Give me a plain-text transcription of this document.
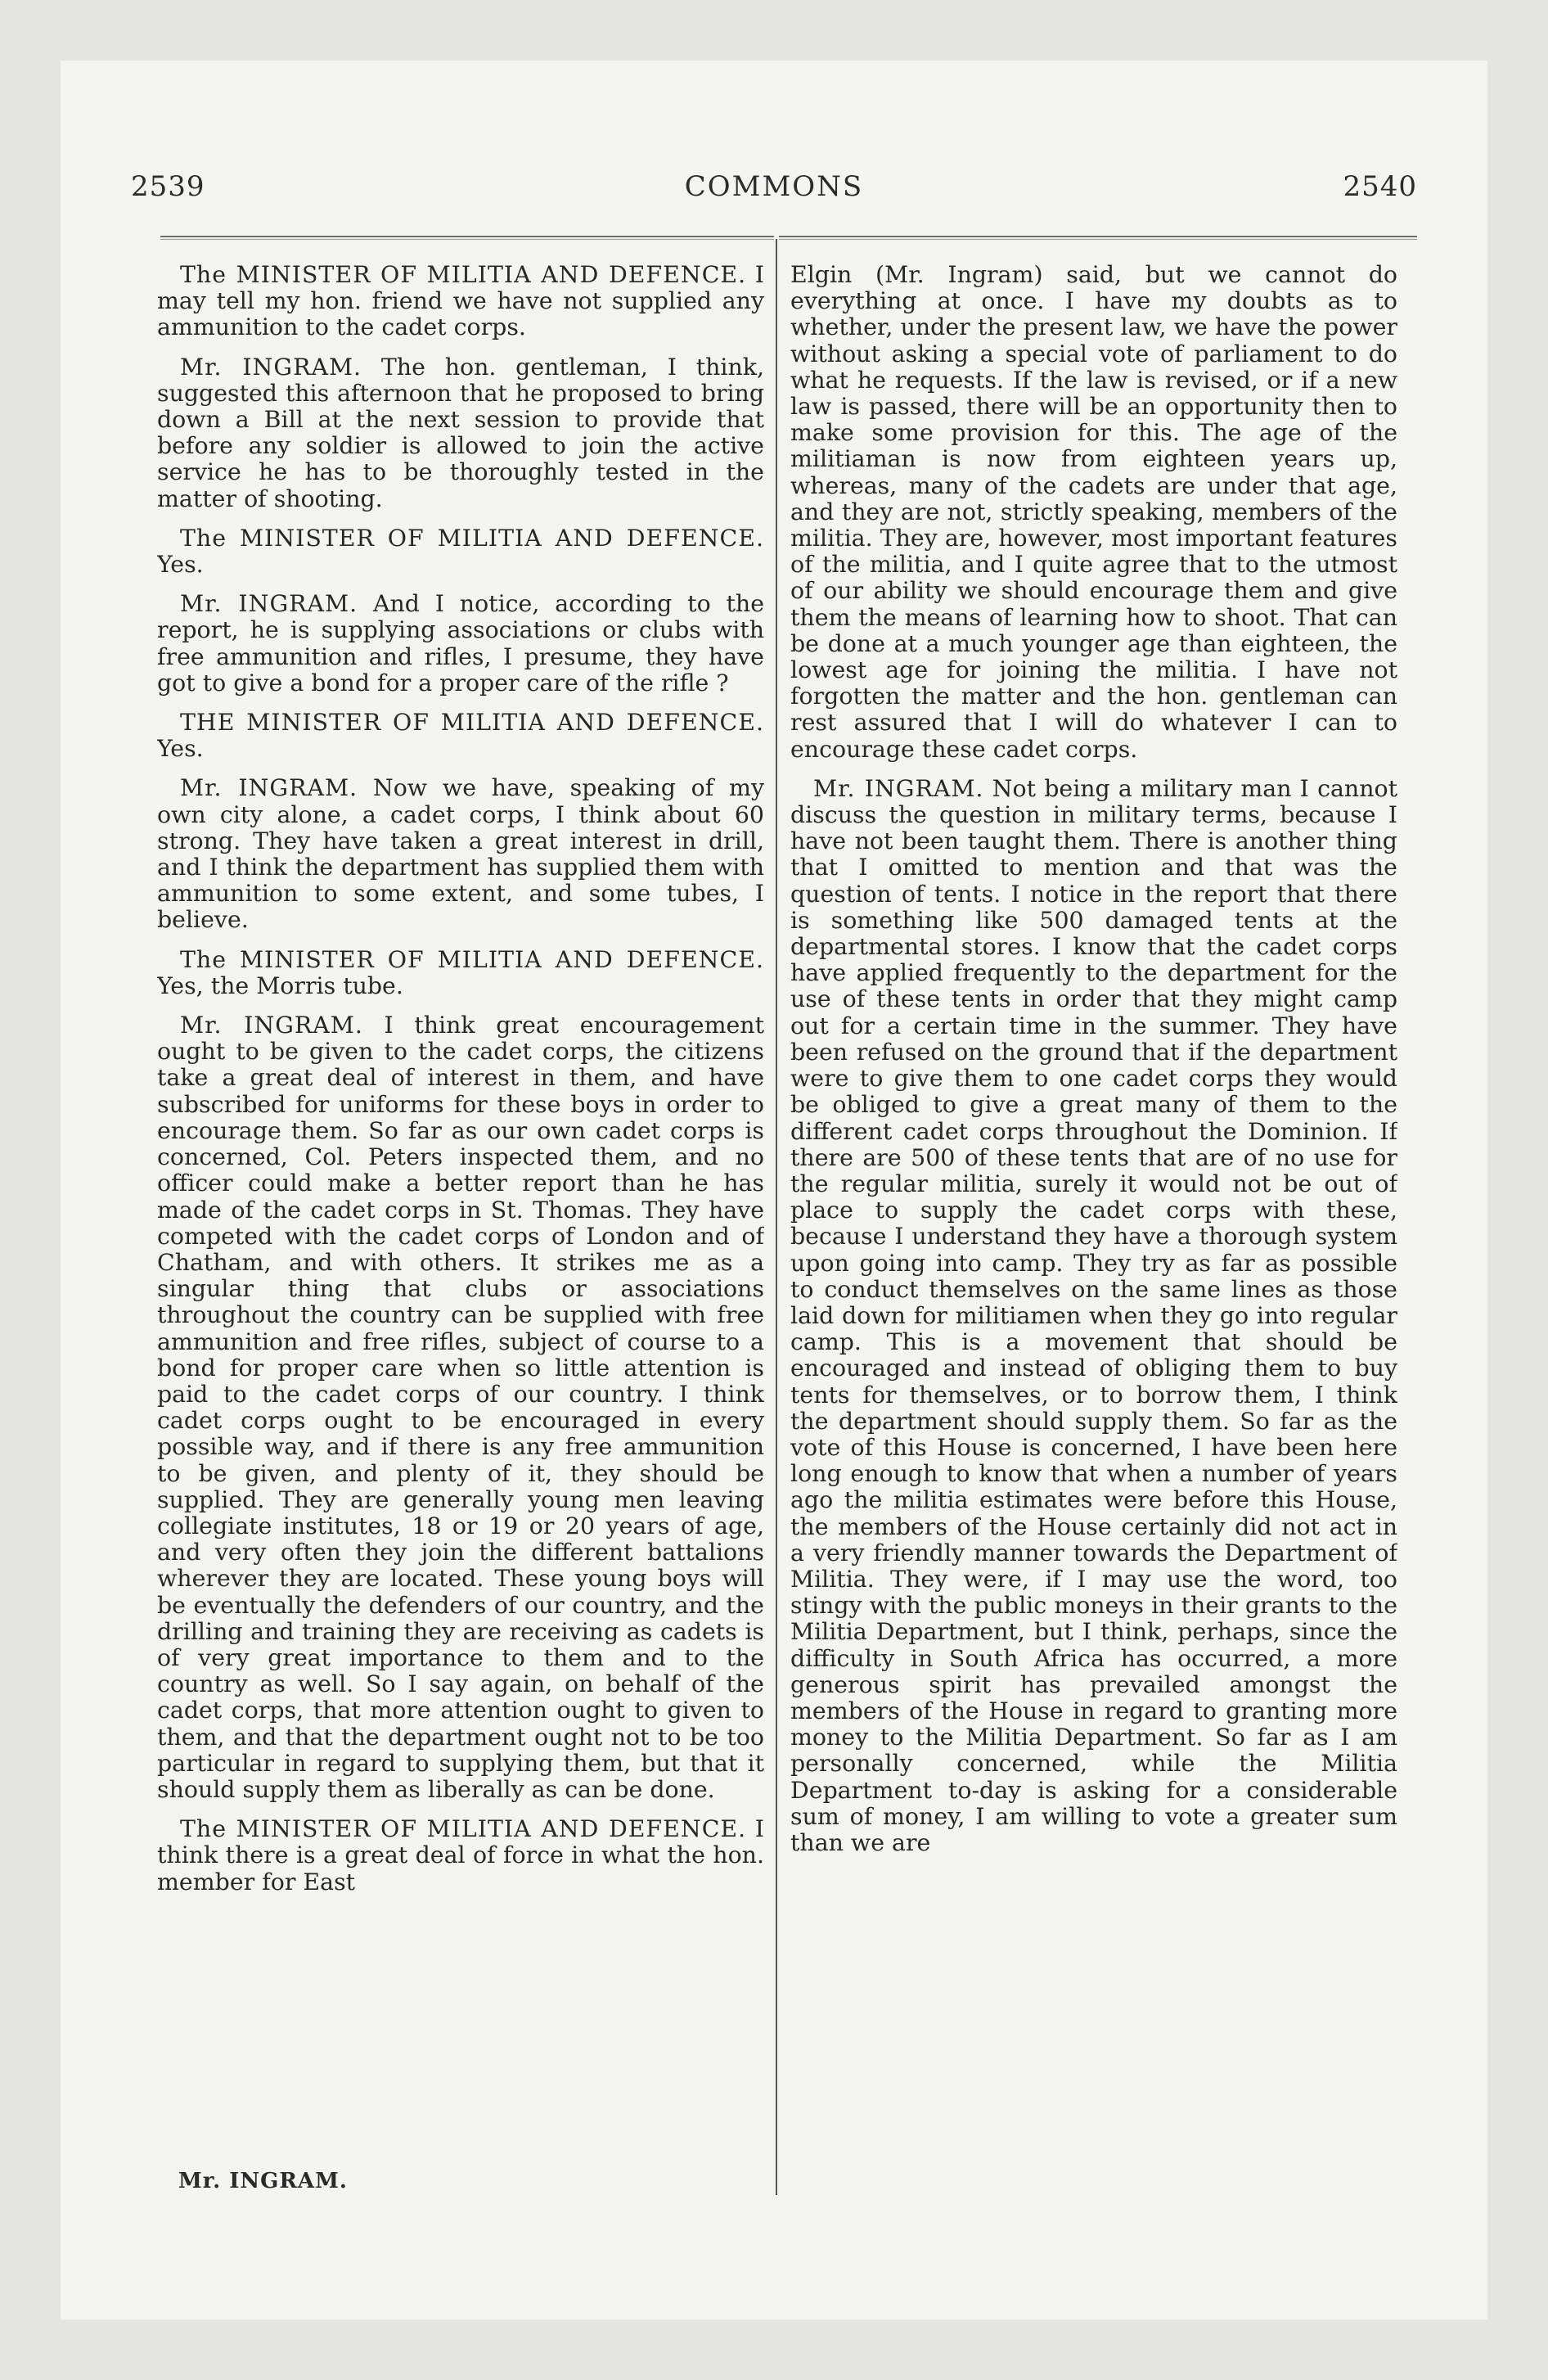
2539	COMMONS	2540

The MINISTER OF MILITIA AND DEFENCE. I may tell my hon. friend we have not supplied any ammunition to the cadet corps.

Mr. INGRAM. The hon. gentleman, I think, suggested this afternoon that he proposed to bring down a Bill at the next session to provide that before any soldier is allowed to join the active service he has to be thoroughly tested in the matter of shooting.

The MINISTER OF MILITIA AND DEFENCE. Yes.

Mr. INGRAM. And I notice, according to the report, he is supplying associations or clubs with free ammunition and rifles, I presume, they have got to give a bond for a proper care of the rifle ?

THE MINISTER OF MILITIA AND DEFENCE. Yes.

Mr. INGRAM. Now we have, speaking of my own city alone, a cadet corps, I think about 60 strong. They have taken a great interest in drill, and I think the department has supplied them with ammunition to some extent, and some tubes, I believe.

The MINISTER OF MILITIA AND DEFENCE. Yes, the Morris tube.

Mr. INGRAM. I think great encouragement ought to be given to the cadet corps, the citizens take a great deal of interest in them, and have subscribed for uniforms for these boys in order to encourage them. So far as our own cadet corps is concerned, Col. Peters inspected them, and no officer could make a better report than he has made of the cadet corps in St. Thomas. They have competed with the cadet corps of London and of Chatham, and with others. It strikes me as a singular thing that clubs or associations throughout the country can be supplied with free ammunition and free rifles, subject of course to a bond for proper care when so little attention is paid to the cadet corps of our country. I think cadet corps ought to be encouraged in every possible way, and if there is any free ammunition to be given, and plenty of it, they should be supplied. They are generally young men leaving collegiate institutes, 18 or 19 or 20 years of age, and very often they join the different battalions wherever they are located. These young boys will be eventually the defenders of our country, and the drilling and training they are receiving as cadets is of very great importance to them and to the country as well. So I say again, on behalf of the cadet corps, that more attention ought to given to them, and that the department ought not to be too particular in regard to supplying them, but that it should supply them as liberally as can be done.

The MINISTER OF MILITIA AND DEFENCE. I think there is a great deal of force in what the hon. member for East

Elgin (Mr. Ingram) said, but we cannot do everything at once. I have my doubts as to whether, under the present law, we have the power without asking a special vote of parliament to do what he requests. If the law is revised, or if a new law is passed, there will be an opportunity then to make some provision for this. The age of the militiaman is now from eighteen years up, whereas, many of the cadets are under that age, and they are not, strictly speaking, members of the militia. They are, however, most important features of the militia, and I quite agree that to the utmost of our ability we should encourage them and give them the means of learning how to shoot. That can be done at a much younger age than eighteen, the lowest age for joining the militia. I have not forgotten the matter and the hon. gentleman can rest assured that I will do whatever I can to encourage these cadet corps.

Mr. INGRAM. Not being a military man I cannot discuss the question in military terms, because I have not been taught them. There is another thing that I omitted to mention and that was the question of tents. I notice in the report that there is something like 500 damaged tents at the departmental stores. I know that the cadet corps have applied frequently to the department for the use of these tents in order that they might camp out for a certain time in the summer. They have been refused on the ground that if the department were to give them to one cadet corps they would be obliged to give a great many of them to the different cadet corps throughout the Dominion. If there are 500 of these tents that are of no use for the regular militia, surely it would not be out of place to supply the cadet corps with these, because I understand they have a thorough system upon going into camp. They try as far as possible to conduct themselves on the same lines as those laid down for militiamen when they go into regular camp. This is a movement that should be encouraged and instead of obliging them to buy tents for themselves, or to borrow them, I think the department should supply them. So far as the vote of this House is concerned, I have been here long enough to know that when a number of years ago the militia estimates were before this House, the members of the House certainly did not act in a very friendly manner towards the Department of Militia. They were, if I may use the word, too stingy with the public moneys in their grants to the Militia Department, but I think, perhaps, since the difficulty in South Africa has occurred, a more generous spirit has prevailed amongst the members of the House in regard to granting more money to the Militia Department. So far as I am personally concerned, while the Militia Department to-day is asking for a considerable sum of money, I am willing to vote a greater sum than we are

Mr. INGRAM.
